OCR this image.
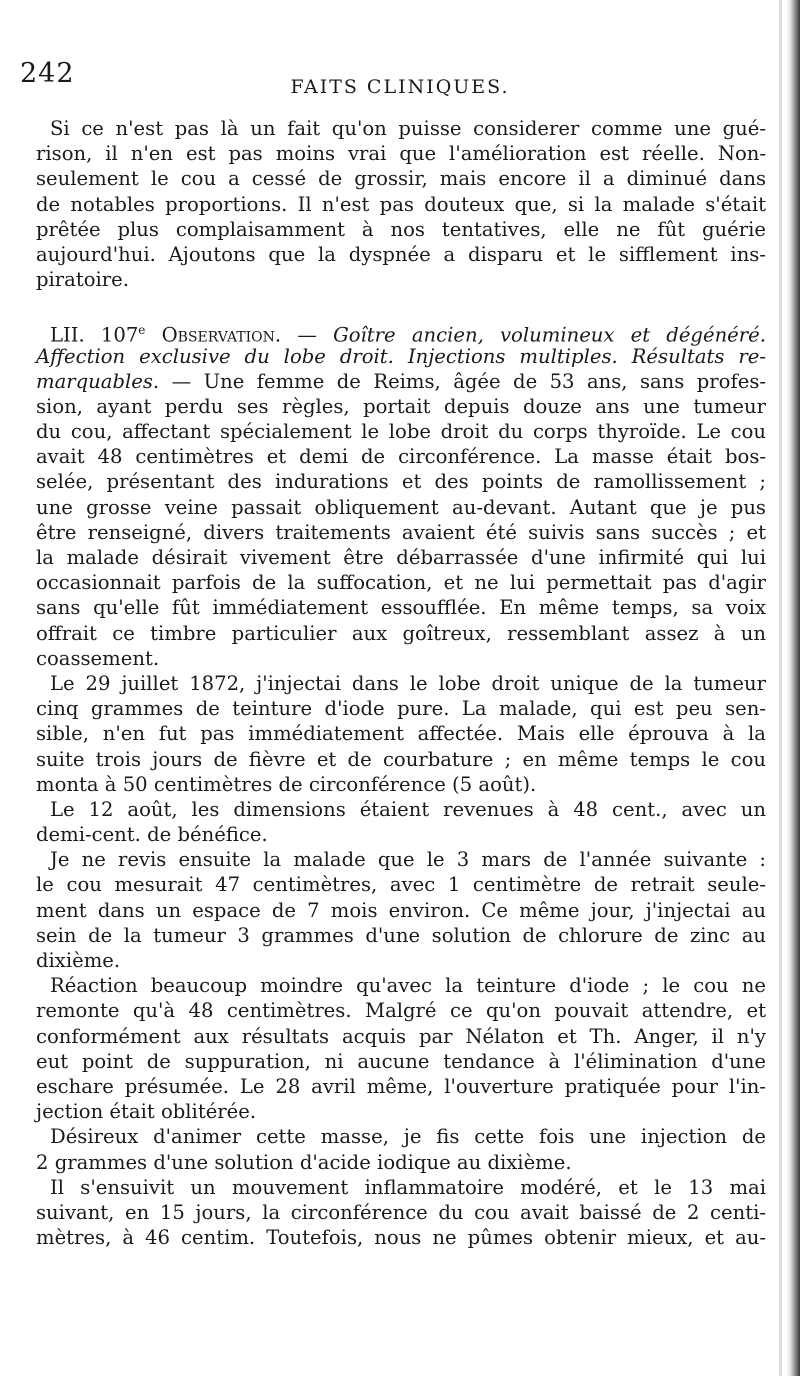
242	FAITS CLINIQUES.
Si ce n'est pas là un fait qu'on puisse considerer comme une gué-
rison, il n'en est pas moins vrai que l'amélioration est réelle. Non-
seulement le cou a cessé de grossir, mais encore il a diminué dans
de notables proportions. Il n'est pas douteux que, si la malade s'était
prêtée plus complaisamment à nos tentatives, elle ne fût guérie
aujourd'hui. Ajoutons que la dyspnée a disparu et le sifflement ins-
piratoire.
LII. 107e Observation. — Goître ancien, volumineux et dégénéré.
Affection exclusive du lobe droit. Injections multiples. Résultats re-
marquables. — Une femme de Reims, âgée de 53 ans, sans profes-
sion, ayant perdu ses règles, portait depuis douze ans une tumeur
du cou, affectant spécialement le lobe droit du corps thyroïde. Le cou
avait 48 centimètres et demi de circonférence. La masse était bos-
selée, présentant des indurations et des points de ramollissement ;
une grosse veine passait obliquement au-devant. Autant que je pus
être renseigné, divers traitements avaient été suivis sans succès ; et
la malade désirait vivement être débarrassée d'une infirmité qui lui
occasionnait parfois de la suffocation, et ne lui permettait pas d'agir
sans qu'elle fût immédiatement essoufflée. En même temps, sa voix
offrait ce timbre particulier aux goîtreux, ressemblant assez à un
coassement.
Le 29 juillet 1872, j'injectai dans le lobe droit unique de la tumeur
cinq grammes de teinture d'iode pure. La malade, qui est peu sen-
sible, n'en fut pas immédiatement affectée. Mais elle éprouva à la
suite trois jours de fièvre et de courbature ; en même temps le cou
monta à 50 centimètres de circonférence (5 août).
Le 12 août, les dimensions étaient revenues à 48 cent., avec un
demi-cent. de bénéfice.
Je ne revis ensuite la malade que le 3 mars de l'année suivante :
le cou mesurait 47 centimètres, avec 1 centimètre de retrait seule-
ment dans un espace de 7 mois environ. Ce même jour, j'injectai au
sein de la tumeur 3 grammes d'une solution de chlorure de zinc au
dixième.
Réaction beaucoup moindre qu'avec la teinture d'iode ; le cou ne
remonte qu'à 48 centimètres. Malgré ce qu'on pouvait attendre, et
conformément aux résultats acquis par Nélaton et Th. Anger, il n'y
eut point de suppuration, ni aucune tendance à l'élimination d'une
eschare présumée. Le 28 avril même, l'ouverture pratiquée pour l'in-
jection était oblitérée.
Désireux d'animer cette masse, je fis cette fois une injection de
2 grammes d'une solution d'acide iodique au dixième.
Il s'ensuivit un mouvement inflammatoire modéré, et le 13 mai
suivant, en 15 jours, la circonférence du cou avait baissé de 2 centi-
mètres, à 46 centim. Toutefois, nous ne pûmes obtenir mieux, et au-
